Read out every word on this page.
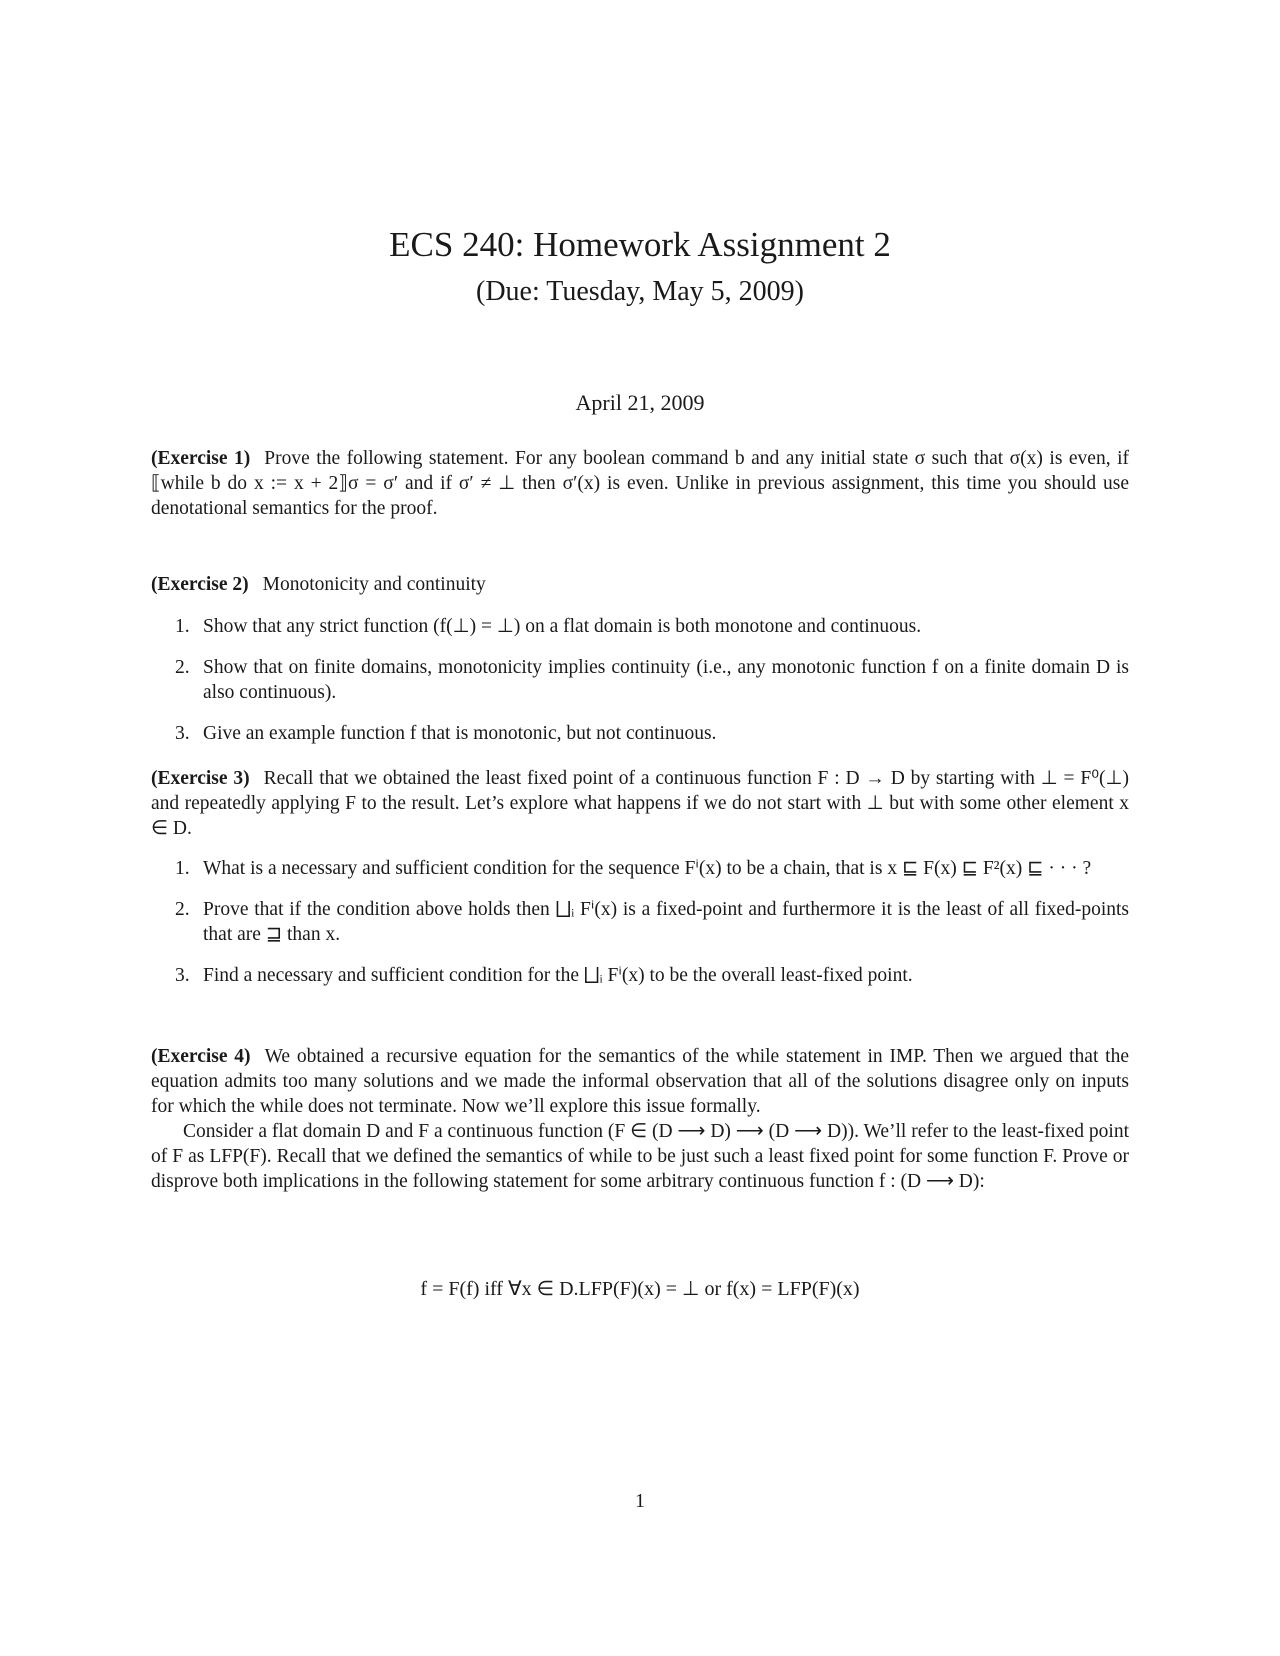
ECS 240: Homework Assignment 2
(Due: Tuesday, May 5, 2009)
April 21, 2009

(Exercise 1) Prove the following statement. For any boolean command b and any initial state σ such that σ(x) is even, if ⟦while b do x := x + 2⟧σ = σ′ and if σ′ ≠ ⊥ then σ′(x) is even. Unlike in previous assignment, this time you should use denotational semantics for the proof.

(Exercise 2) Monotonicity and continuity

1. Show that any strict function (f(⊥) = ⊥) on a flat domain is both monotone and continuous.
2. Show that on finite domains, monotonicity implies continuity (i.e., any monotonic function f on a finite domain D is also continuous).
3. Give an example function f that is monotonic, but not continuous.

(Exercise 3) Recall that we obtained the least fixed point of a continuous function F : D → D by starting with ⊥ = F⁰(⊥) and repeatedly applying F to the result. Let’s explore what happens if we do not start with ⊥ but with some other element x ∈ D.

1. What is a necessary and sufficient condition for the sequence Fⁱ(x) to be a chain, that is x ⊑ F(x) ⊑ F²(x) ⊑ · · · ?
2. Prove that if the condition above holds then ⨆ᵢ Fⁱ(x) is a fixed-point and furthermore it is the least of all fixed-points that are ⊒ than x.
3. Find a necessary and sufficient condition for the ⨆ᵢ Fⁱ(x) to be the overall least-fixed point.

(Exercise 4) We obtained a recursive equation for the semantics of the while statement in IMP. Then we argued that the equation admits too many solutions and we made the informal observation that all of the solutions disagree only on inputs for which the while does not terminate. Now we’ll explore this issue formally.

Consider a flat domain D and F a continuous function (F ∈ (D ⟶ D) ⟶ (D ⟶ D)). We’ll refer to the least-fixed point of F as LFP(F). Recall that we defined the semantics of while to be just such a least fixed point for some function F. Prove or disprove both implications in the following statement for some arbitrary continuous function f : (D ⟶ D):

f = F(f) iff ∀x ∈ D.LFP(F)(x) = ⊥ or f(x) = LFP(F)(x)
1
